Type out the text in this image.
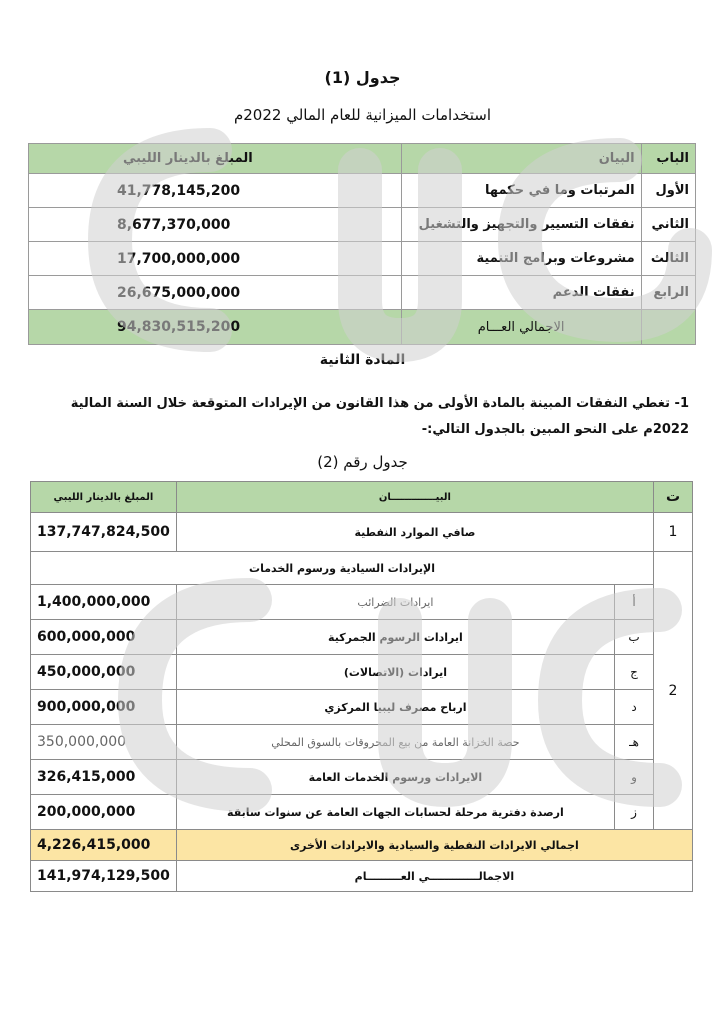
جدول (1)
استخدامات الميزانية للعام المالي 2022م
الباب	البيان	المبلغ بالدينار الليبي
الأول	المرتبات وما في حكمها	41,778,145,200
الثاني	نفقات التسيير والتجهيز والتشغيل	8,677,370,000
الثالث	مشروعات وبرامج التنمية	17,700,000,000
الرابع	نفقات الدعم	26,675,000,000
	الاجمالي العـــام	94,830,515,200
المادة الثانية
1- تغطي النفقات المبينة بالمادة الأولى من هذا القانون من الإيرادات المتوقعة خلال السنة المالية 2022م على النحو المبين بالجدول التالي:-
جدول رقم (2)
ت	البيـــــــــــــان		المبلغ بالدينار الليبي
1	صافي الموارد النفطية		137,747,824,500
2	الإيرادات السيادية ورسوم الخدمات		
	أ	ايرادات الضرائب	1,400,000,000
	ب	ايرادات الرسوم الجمركية	600,000,000
	ج	ايرادات (الاتصالات)	450,000,000
	د	ارباح مصرف ليبيا المركزي	900,000,000
	هـ	حصة الخزانة العامة من بيع المحروقات بالسوق المحلي	350,000,000
	و	الايرادات ورسوم الخدمات العامة	326,415,000
	ز	ارصدة دفترية مرحلة لحسابات الجهات العامة عن سنوات سابقة	200,000,000
اجمالي الايرادات النفطية والسيادية والايرادات الأخرى			4,226,415,000
الاجمالـــــــــــــي العـــــــــام			141,974,129,500
